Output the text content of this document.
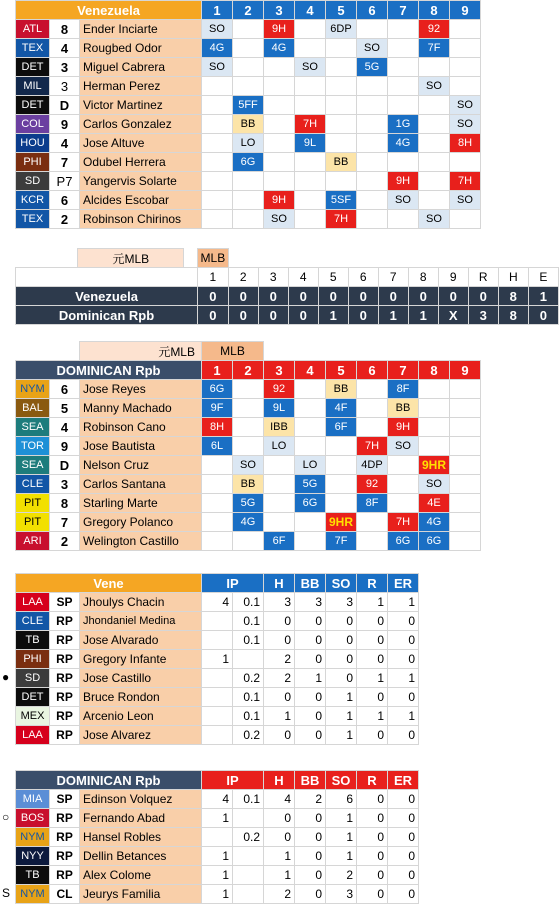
Venezuela			1	2	3	4	5	6	7	8	9
ATL	8	Ender Inciarte	SO		9H		6DP			92	
TEX	4	Rougbed Odor	4G		4G			SO		7F	
DET	3	Miguel Cabrera	SO			SO		5G			
MIL	3	Herman Perez								SO	
DET	D	Victor Martinez		5FF							SO
COL	9	Carlos Gonzalez		BB		7H			1G		SO
HOU	4	Jose Altuve		LO		9L			4G		8H
PHI	7	Odubel Herrera		6G			BB				
SD	P7	Yangervis Solarte							9H		7H
KCR	6	Alcides Escobar			9H		5SF		SO		SO
TEX	2	Robinson Chirinos			SO		7H			SO	
	元MLB		MLB											
			1	2	3	4	5	6	7	8	9	R	H	E
Venezuela			0	0	0	0	0	0	0	0	0	0	8	1
Dominican Rpb			0	0	0	0	1	0	1	1	X	3	8	0
		元MLB	MLB								
DOMINICAN Rpb			1	2	3	4	5	6	7	8	9
NYM	6	Jose Reyes	6G		92		BB		8F		
BAL	5	Manny Machado	9F		9L		4F		BB		
SEA	4	Robinson Cano	8H		IBB		6F		9H		
TOR	9	Jose Bautista	6L		LO			7H	SO		
SEA	D	Nelson Cruz		SO		LO		4DP		9HR	
CLE	3	Carlos Santana		BB		5G		92		SO	
PIT	8	Starling Marte		5G		6G		8F		4E	
PIT	7	Gregory Polanco		4G			9HR		7H	4G	
ARI	2	Welington Castillo			6F		7F		6G	6G	
Vene			IP		H	BB	SO	R	ER
LAA	SP	Jhoulys Chacin	4	0.1	3	3	3	1	1
CLE	RP	Jhondaniel Medina		0.1	0	0	0	0	0
TB	RP	Jose Alvarado		0.1	0	0	0	0	0
PHI	RP	Gregory Infante	1		2	0	0	0	0
SD	RP	Jose Castillo		0.2	2	1	0	1	1
DET	RP	Bruce Rondon		0.1	0	0	1	0	0
MEX	RP	Arcenio Leon		0.1	1	0	1	1	1
LAA	RP	Jose Alvarez		0.2	0	0	1	0	0
●
DOMINICAN Rpb			IP		H	BB	SO	R	ER
MIA	SP	Edinson Volquez	4	0.1	4	2	6	0	0
BOS	RP	Fernando Abad	1		0	0	1	0	0
NYM	RP	Hansel Robles		0.2	0	0	1	0	0
NYY	RP	Dellin Betances	1		1	0	1	0	0
TB	RP	Alex Colome	1		1	0	2	0	0
NYM	CL	Jeurys Familia	1		2	0	3	0	0
○
S
